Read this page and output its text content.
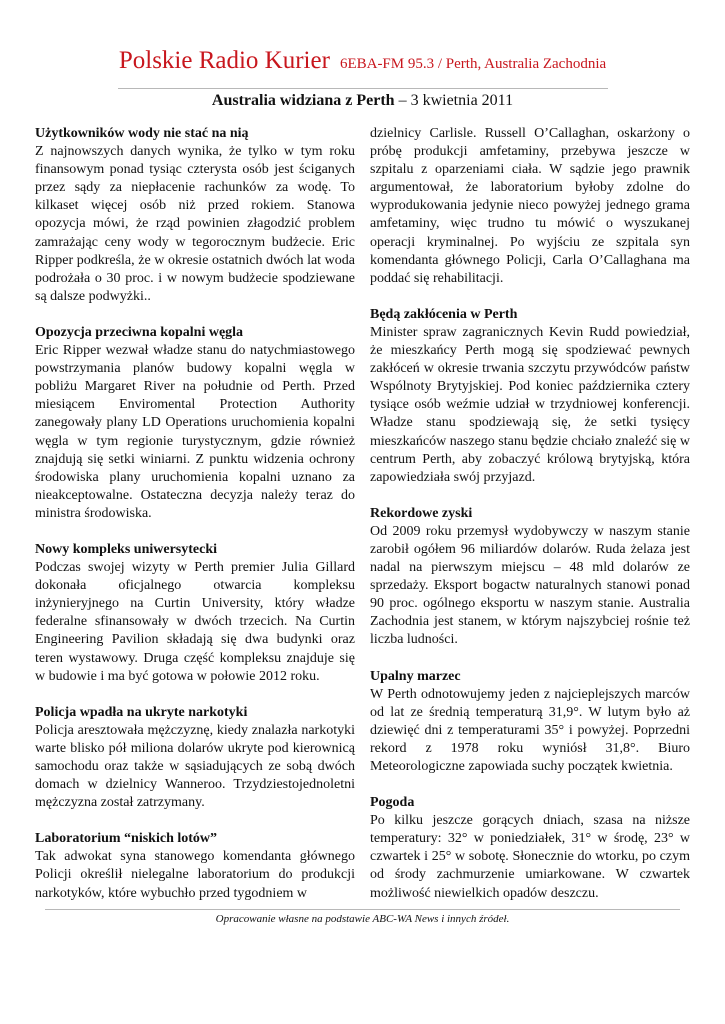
Polskie Radio Kurier 6EBA-FM 95.3 / Perth, Australia Zachodnia
Australia widziana z Perth – 3 kwietnia 2011
Użytkowników wody nie stać na nią

Z najnowszych danych wynika, że tylko w tym roku finansowym ponad tysiąc czterysta osób jest ściganych przez sądy za niepłacenie rachunków za wodę. To kilkaset więcej osób niż przed rokiem. Stanowa opozycja mówi, że rząd powinien złagodzić problem zamrażając ceny wody w tegorocznym budżecie. Eric Ripper podkreśla, że w okresie ostatnich dwóch lat woda podrożała o 30 proc. i w nowym budżecie spodziewane są dalsze podwyżki..

Opozycja przeciwna kopalni węgla

Eric Ripper wezwał władze stanu do natychmiastowego powstrzymania planów budowy kopalni węgla w pobliżu Margaret River na południe od Perth. Przed miesiącem Enviromental Protection Authority zanegowały plany LD Operations uruchomienia kopalni węgla w tym regionie turystycznym, gdzie również znajdują się setki winiarni. Z punktu widzenia ochrony środowiska plany uruchomienia kopalni uznano za nieakceptowalne. Ostateczna decyzja należy teraz do ministra środowiska.

Nowy kompleks uniwersytecki

Podczas swojej wizyty w Perth premier Julia Gillard dokonała oficjalnego otwarcia kompleksu inżynieryjnego na Curtin University, który władze federalne sfinansowały w dwóch trzecich. Na Curtin Engineering Pavilion składają się dwa budynki oraz teren wystawowy. Druga część kompleksu znajduje się w budowie i ma być gotowa w połowie 2012 roku.

Policja wpadła na ukryte narkotyki

Policja aresztowała mężczyznę, kiedy znalazła narkotyki warte blisko pół miliona dolarów ukryte pod kierownicą samochodu oraz także w sąsiadujących ze sobą dwóch domach w dzielnicy Wanneroo. Trzydziestojednoletni mężczyzna został zatrzymany.

Laboratorium “niskich lotów”

Tak adwokat syna stanowego komendanta głównego Policji określił nielegalne laboratorium do produkcji narkotyków, które wybuchło przed tygodniem w

dzielnicy Carlisle. Russell O’Callaghan, oskarżony o próbę produkcji amfetaminy, przebywa jeszcze w szpitalu z oparzeniami ciała. W sądzie jego prawnik argumentował, że laboratorium byłoby zdolne do wyprodukowania jedynie nieco powyżej jednego grama amfetaminy, więc trudno tu mówić o wyszukanej operacji kryminalnej. Po wyjściu ze szpitala syn komendanta głównego Policji, Carla O’Callaghana ma poddać się rehabilitacji.

Będą zakłócenia w Perth

Minister spraw zagranicznych Kevin Rudd powiedział, że mieszkańcy Perth mogą się spodziewać pewnych zakłóceń w okresie trwania szczytu przywódców państw Wspólnoty Brytyjskiej. Pod koniec października cztery tysiące osób weźmie udział w trzydniowej konferencji. Władze stanu spodziewają się, że setki tysięcy mieszkańców naszego stanu będzie chciało znaleźć się w centrum Perth, aby zobaczyć królową brytyjską, która zapowiedziała swój przyjazd.

Rekordowe zyski

Od 2009 roku przemysł wydobywczy w naszym stanie zarobił ogółem 96 miliardów dolarów. Ruda żelaza jest nadal na pierwszym miejscu – 48 mld dolarów ze sprzedaży. Eksport bogactw naturalnych stanowi ponad 90 proc. ogólnego eksportu w naszym stanie. Australia Zachodnia jest stanem, w którym najszybciej rośnie też liczba ludności.

Upalny marzec

W Perth odnotowujemy jeden z najcieplejszych marców od lat ze średnią temperaturą 31,9°. W lutym było aż dziewięć dni z temperaturami 35° i powyżej. Poprzedni rekord z 1978 roku wyniósł 31,8°. Biuro Meteorologiczne zapowiada suchy początek kwietnia.

Pogoda

Po kilku jeszcze gorących dniach, szasa na niższe temperatury: 32° w poniedziałek, 31° w środę, 23° w czwartek i 25° w sobotę. Słonecznie do wtorku, po czym od środy zachmurzenie umiarkowane. W czwartek możliwość niewielkich opadów deszczu.

Opracowanie własne na podstawie ABC-WA News i innych źródeł.
